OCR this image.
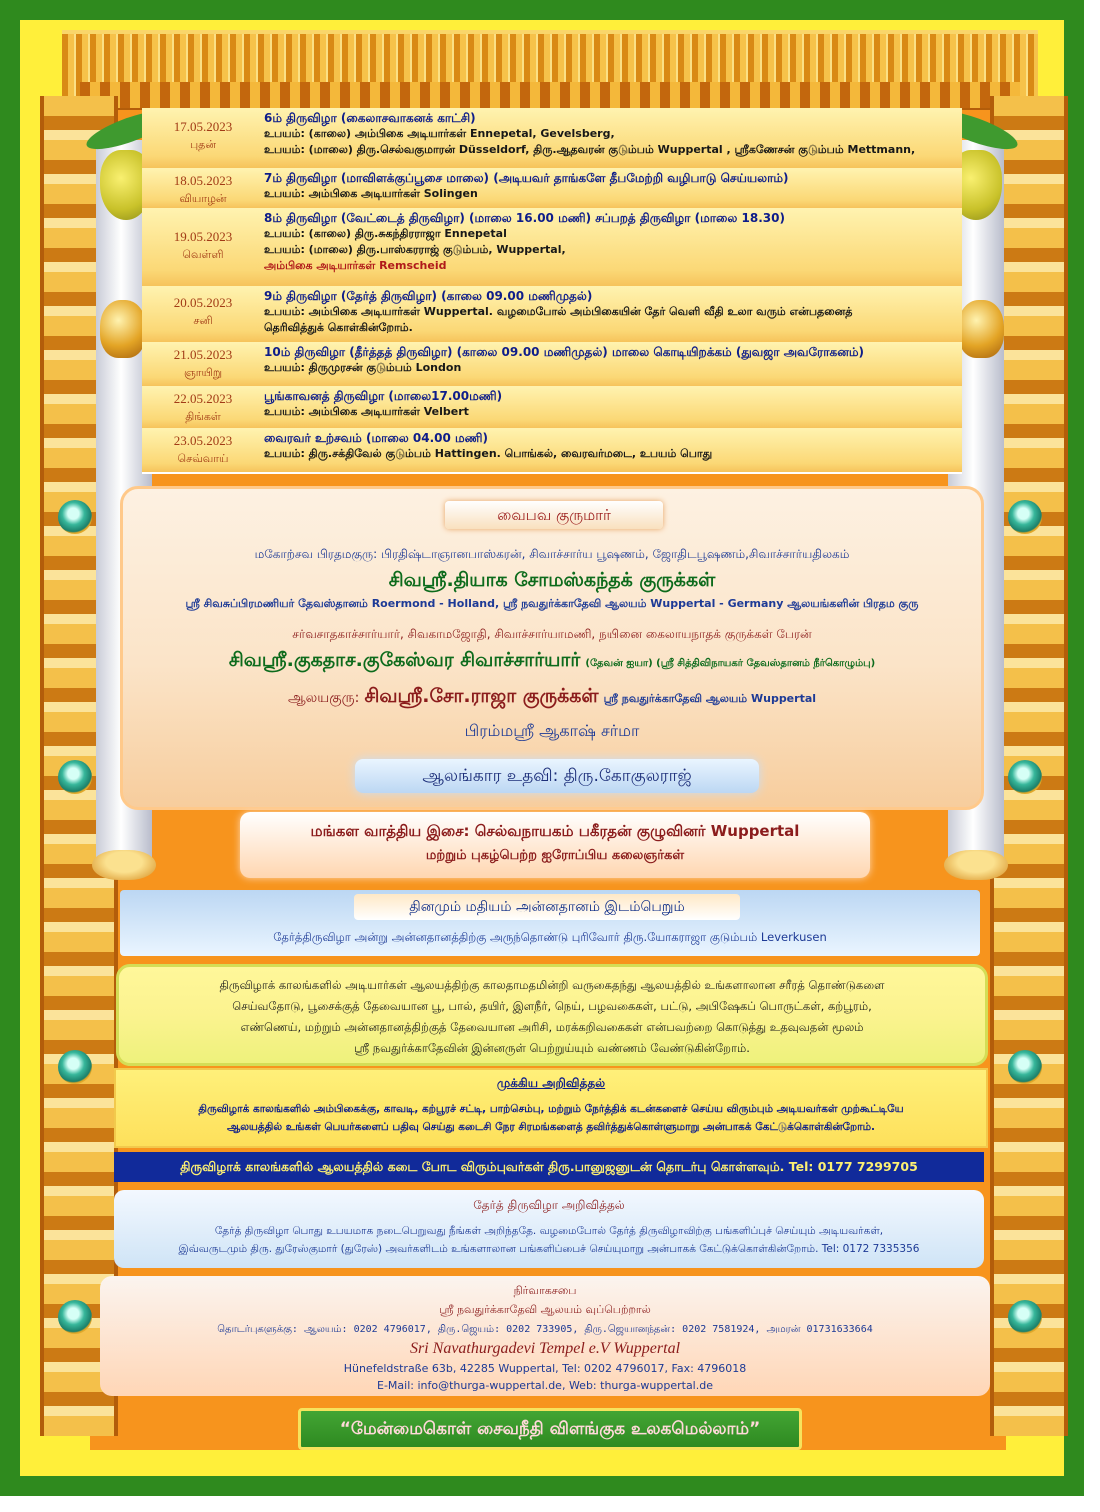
17.05.2023
புதன்
6ம் திருவிழா (கைலாசவாகனக் காட்சி)
உபயம்: (காலை) அம்பிகை அடியார்கள் Ennepetal, Gevelsberg,
உபயம்: (மாலை) திரு.செல்வகுமாரன் Düsseldorf, திரு.ஆதவரன் குடும்பம் Wuppertal , ஸ்ரீகணேசன் குடும்பம் Mettmann,
18.05.2023
வியாழன்
7ம் திருவிழா (மாவிளக்குப்பூசை மாலை) (அடியவர் தாங்களே தீபமேற்றி வழிபாடு செய்யலாம்)
உபயம்: அம்பிகை அடியார்கள் Solingen
19.05.2023
வெள்ளி
8ம் திருவிழா (வேட்டைத் திருவிழா) (மாலை 16.00 மணி) சப்பறத் திருவிழா (மாலை 18.30)
உபயம்: (காலை) திரு.சுகந்திரராஜா Ennepetal
உபயம்: (மாலை) திரு.பாஸ்கரராஜ் குடும்பம், Wuppertal,
அம்பிகை அடியார்கள் Remscheid
20.05.2023
சனி
9ம் திருவிழா (தேர்த் திருவிழா) (காலை 09.00 மணிமுதல்)
உபயம்: அம்பிகை அடியார்கள் Wuppertal. வழமைபோல் அம்பிகையின் தேர் வெளி வீதி உலா வரும் என்பதனைத்
தெரிவித்துக் கொள்கின்றோம்.
21.05.2023
ஞாயிறு
10ம் திருவிழா (தீர்த்தத் திருவிழா) (காலை 09.00 மணிமுதல்) மாலை கொடியிறக்கம் (துவஜா அவரோகனம்)
உபயம்: திருமுரசன் குடும்பம் London
22.05.2023
திங்கள்
பூங்காவனத் திருவிழா (மாலை17.00மணி)
உபயம்: அம்பிகை அடியார்கள் Velbert
23.05.2023
செவ்வாய்
வைரவர் உற்சவம் (மாலை 04.00 மணி)
உபயம்: திரு.சக்திவேல் குடும்பம் Hattingen. பொங்கல், வைரவர்மடை, உபயம் பொது
வைபவ குருமார்
மகோற்சவ பிரதமகுரு: பிரதிஷ்டாஞானபாஸ்கரன், சிவாச்சார்ய பூஷணம், ஜோதிடபூஷணம்,சிவாச்சார்யதிலகம்
சிவஸ்ரீ.தியாக சோமஸ்கந்தக் குருக்கள்
ஸ்ரீ சிவசுப்பிரமணியர் தேவஸ்தானம் Roermond - Holland, ஸ்ரீ நவதுர்க்காதேவி ஆலயம் Wuppertal - Germany ஆலயங்களின் பிரதம குரு
சர்வசாதகாச்சார்யார், சிவகாமஜோதி, சிவாச்சார்யாமணி, நயினை கைலாயநாதக் குருக்கள் பேரன்
சிவஸ்ரீ.குகதாச.குகேஸ்வர சிவாச்சார்யார் (தேவன் ஐயா) (ஸ்ரீ சித்திவிநாயகர் தேவஸ்தானம் நீர்கொழும்பு)
ஆலயகுரு: சிவஸ்ரீ.சோ.ராஜா குருக்கள் ஸ்ரீ நவதுர்க்காதேவி ஆலயம் Wuppertal
பிரம்மஸ்ரீ ஆகாஷ் சர்மா
ஆலங்கார உதவி: திரு.கோகுலராஜ்
மங்கள வாத்திய இசை: செல்வநாயகம் பகீரதன் குழுவினர் Wuppertal
மற்றும் புகழ்பெற்ற ஐரோப்பிய கலைஞர்கள்
தினமும் மதியம் அன்னதானம் இடம்பெறும்
தேர்த்திருவிழா அன்று அன்னதானத்திற்கு அருந்தொண்டு புரிவோர் திரு.யோகராஜா குடும்பம் Leverkusen
திருவிழாக் காலங்களில் அடியார்கள் ஆலயத்திற்கு காலதாமதமின்றி வருகைதந்து ஆலயத்தில் உங்களாலான சரீரத் தொண்டுகளை
செய்வதோடு, பூசைக்குத் தேவையான பூ, பால், தயிர், இளநீர், நெய், பழவகைகள், பட்டு, அபிஷேகப் பொருட்கள், கற்பூரம்,
எண்ணெய், மற்றும் அன்னதானத்திற்குத் தேவையான அரிசி, மரக்கறிவகைகள் என்பவற்றை கொடுத்து உதவுவதன் மூலம்
ஸ்ரீ நவதுர்க்காதேவின் இன்னருள் பெற்றுய்யும் வண்ணம் வேண்டுகின்றோம்.
முக்கிய அறிவித்தல்
திருவிழாக் காலங்களில் அம்பிகைக்கு, காவடி, கற்பூரச் சட்டி, பாற்செம்பு, மற்றும் நேர்த்திக் கடன்களைச் செய்ய விரும்பும் அடியவர்கள் முற்கூட்டியே
ஆலயத்தில் உங்கள் பெயர்களைப் பதிவு செய்து கடைசி நேர சிரமங்களைத் தவிர்த்துக்கொள்ளுமாறு அன்பாகக் கேட்டுக்கொள்கின்றோம்.
திருவிழாக் காலங்களில் ஆலயத்தில் கடை போட விரும்புவர்கள் திரு.பானுஜனுடன் தொடர்பு கொள்ளவும். Tel: 0177 7299705
தேர்த் திருவிழா அறிவித்தல்
தேர்த் திருவிழா பொது உபயமாக நடைபெறுவது நீங்கள் அறிந்ததே. வழமைபோல் தேர்த் திருவிழாவிற்கு பங்களிப்புச் செய்யும் அடியவர்கள்,
இவ்வருடமும் திரு. துரேஸ்குமார் (துரேஸ்) அவர்களிடம் உங்களாலான பங்களிப்பைச் செய்யுமாறு அன்பாகக் கேட்டுக்கொள்கின்றோம். Tel: 0172 7335356
நிர்வாகசபை
ஸ்ரீ நவதுர்க்காதேவி ஆலயம் வுப்பெற்றால்
தொடர்புகளுக்கு: ஆலயம்: 0202 4796017, திரு.ஜெயம்: 0202 733905, திரு.ஜெயானந்தன்: 0202 7581924, அமரன் 01731633664
Sri Navathurgadevi Tempel e.V Wuppertal
Hünefeldstraße 63b, 42285 Wuppertal, Tel: 0202 4796017, Fax: 4796018
E-Mail: info@thurga-wuppertal.de, Web: thurga-wuppertal.de
“மேன்மைகொள் சைவநீதி விளங்குக உலகமெல்லாம்”
